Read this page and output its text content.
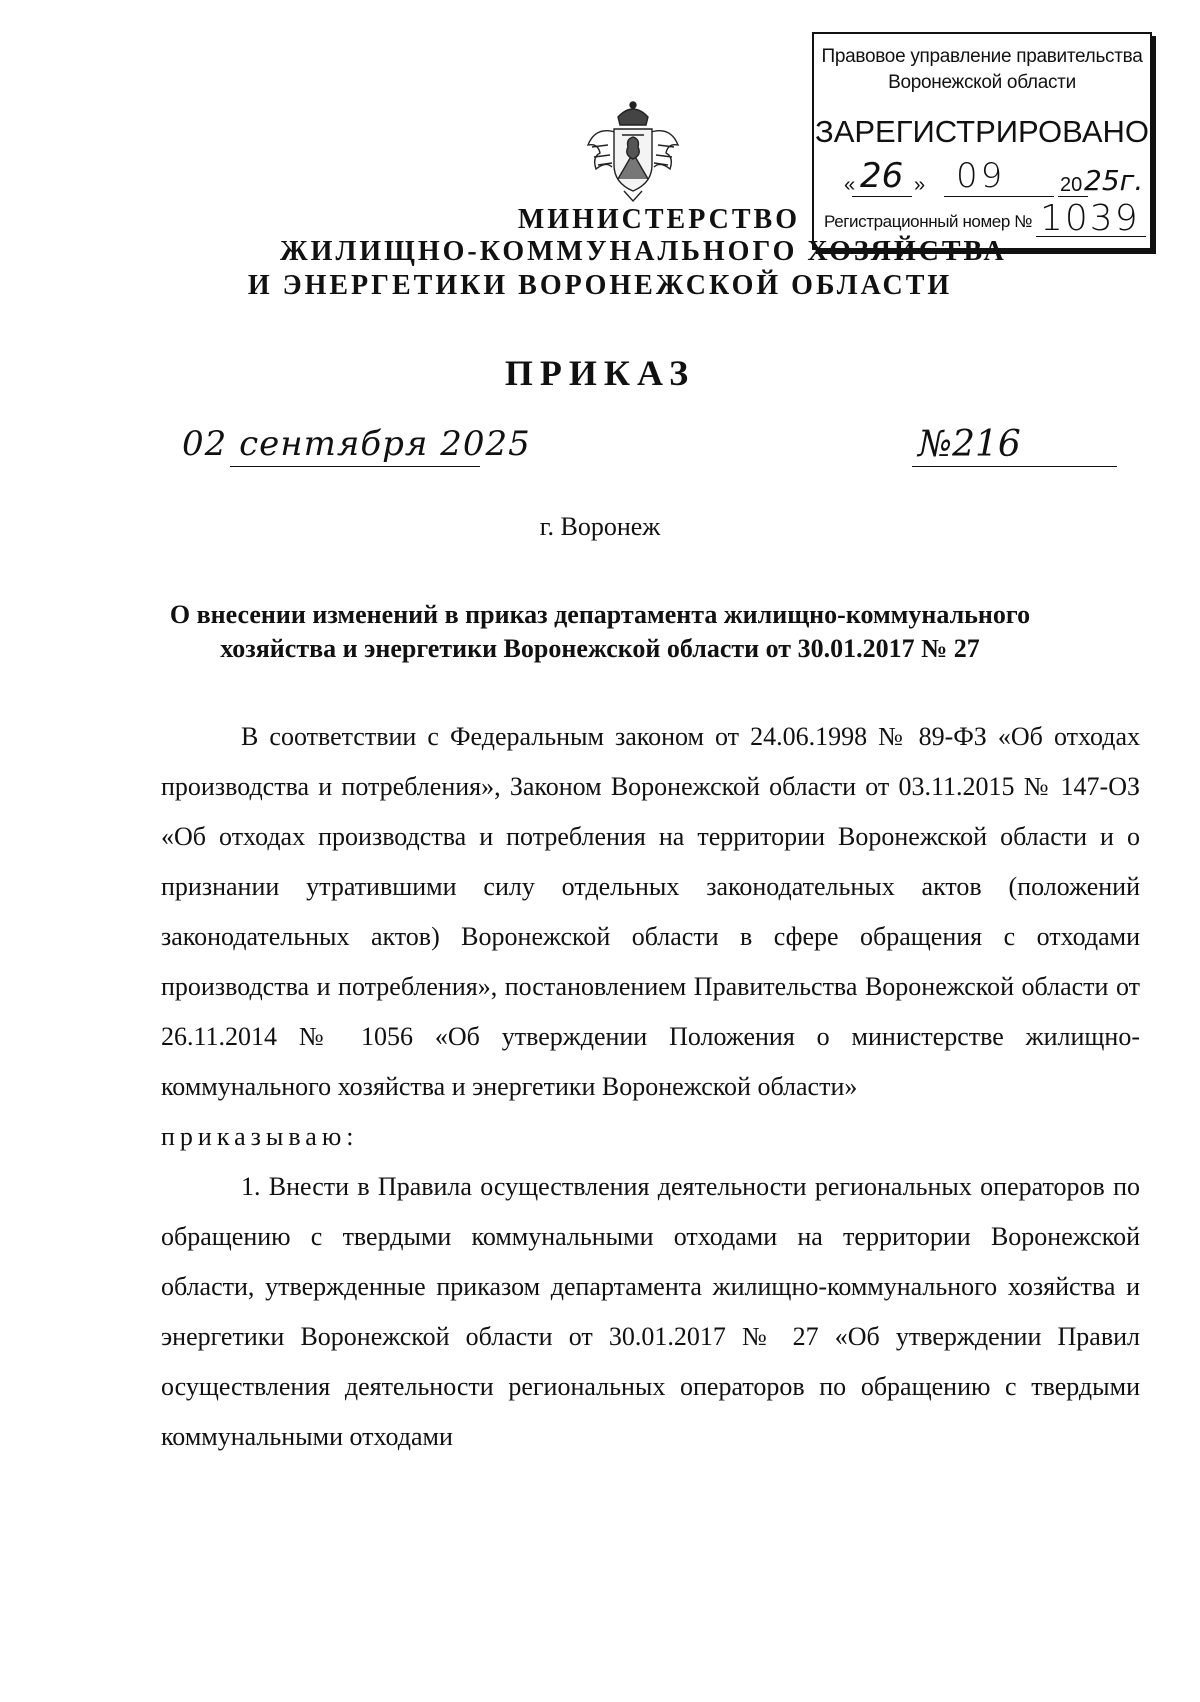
Правовое управление правительства
Воронежской области
ЗАРЕГИСТРИРОВАНО
« 26 » 09	20 25г.
Регистрационный номер № 1039
МИНИСТЕРСТВО
ЖИЛИЩНО-КОММУНАЛЬНОГО ХОЗЯЙСТВА
И ЭНЕРГЕТИКИ ВОРОНЕЖСКОЙ ОБЛАСТИ
ПРИКАЗ
02 сентября 2025	№216
г. Воронеж
О внесении изменений в приказ департамента жилищно-коммунального
хозяйства и энергетики Воронежской области от 30.01.2017 № 27

В соответствии с Федеральным законом от 24.06.1998 № 89-ФЗ «Об отходах производства и потребления», Законом Воронежской области от 03.11.2015 № 147-ОЗ «Об отходах производства и потребления на территории Воронежской области и о признании утратившими силу отдельных законодательных актов (положений законодательных актов) Воронежской области в сфере обращения с отходами производства и потребления», постановлением Правительства Воронежской области от 26.11.2014 № 1056 «Об утверждении Положения о министерстве жилищно-коммунального хозяйства и энергетики Воронежской области»

приказываю:

1. Внести в Правила осуществления деятельности региональных операторов по обращению с твердыми коммунальными отходами на территории Воронежской области, утвержденные приказом департамента жилищно-коммунального хозяйства и энергетики Воронежской области от 30.01.2017 № 27 «Об утверждении Правил осуществления деятельности региональных операторов по обращению с твердыми коммунальными отходами
